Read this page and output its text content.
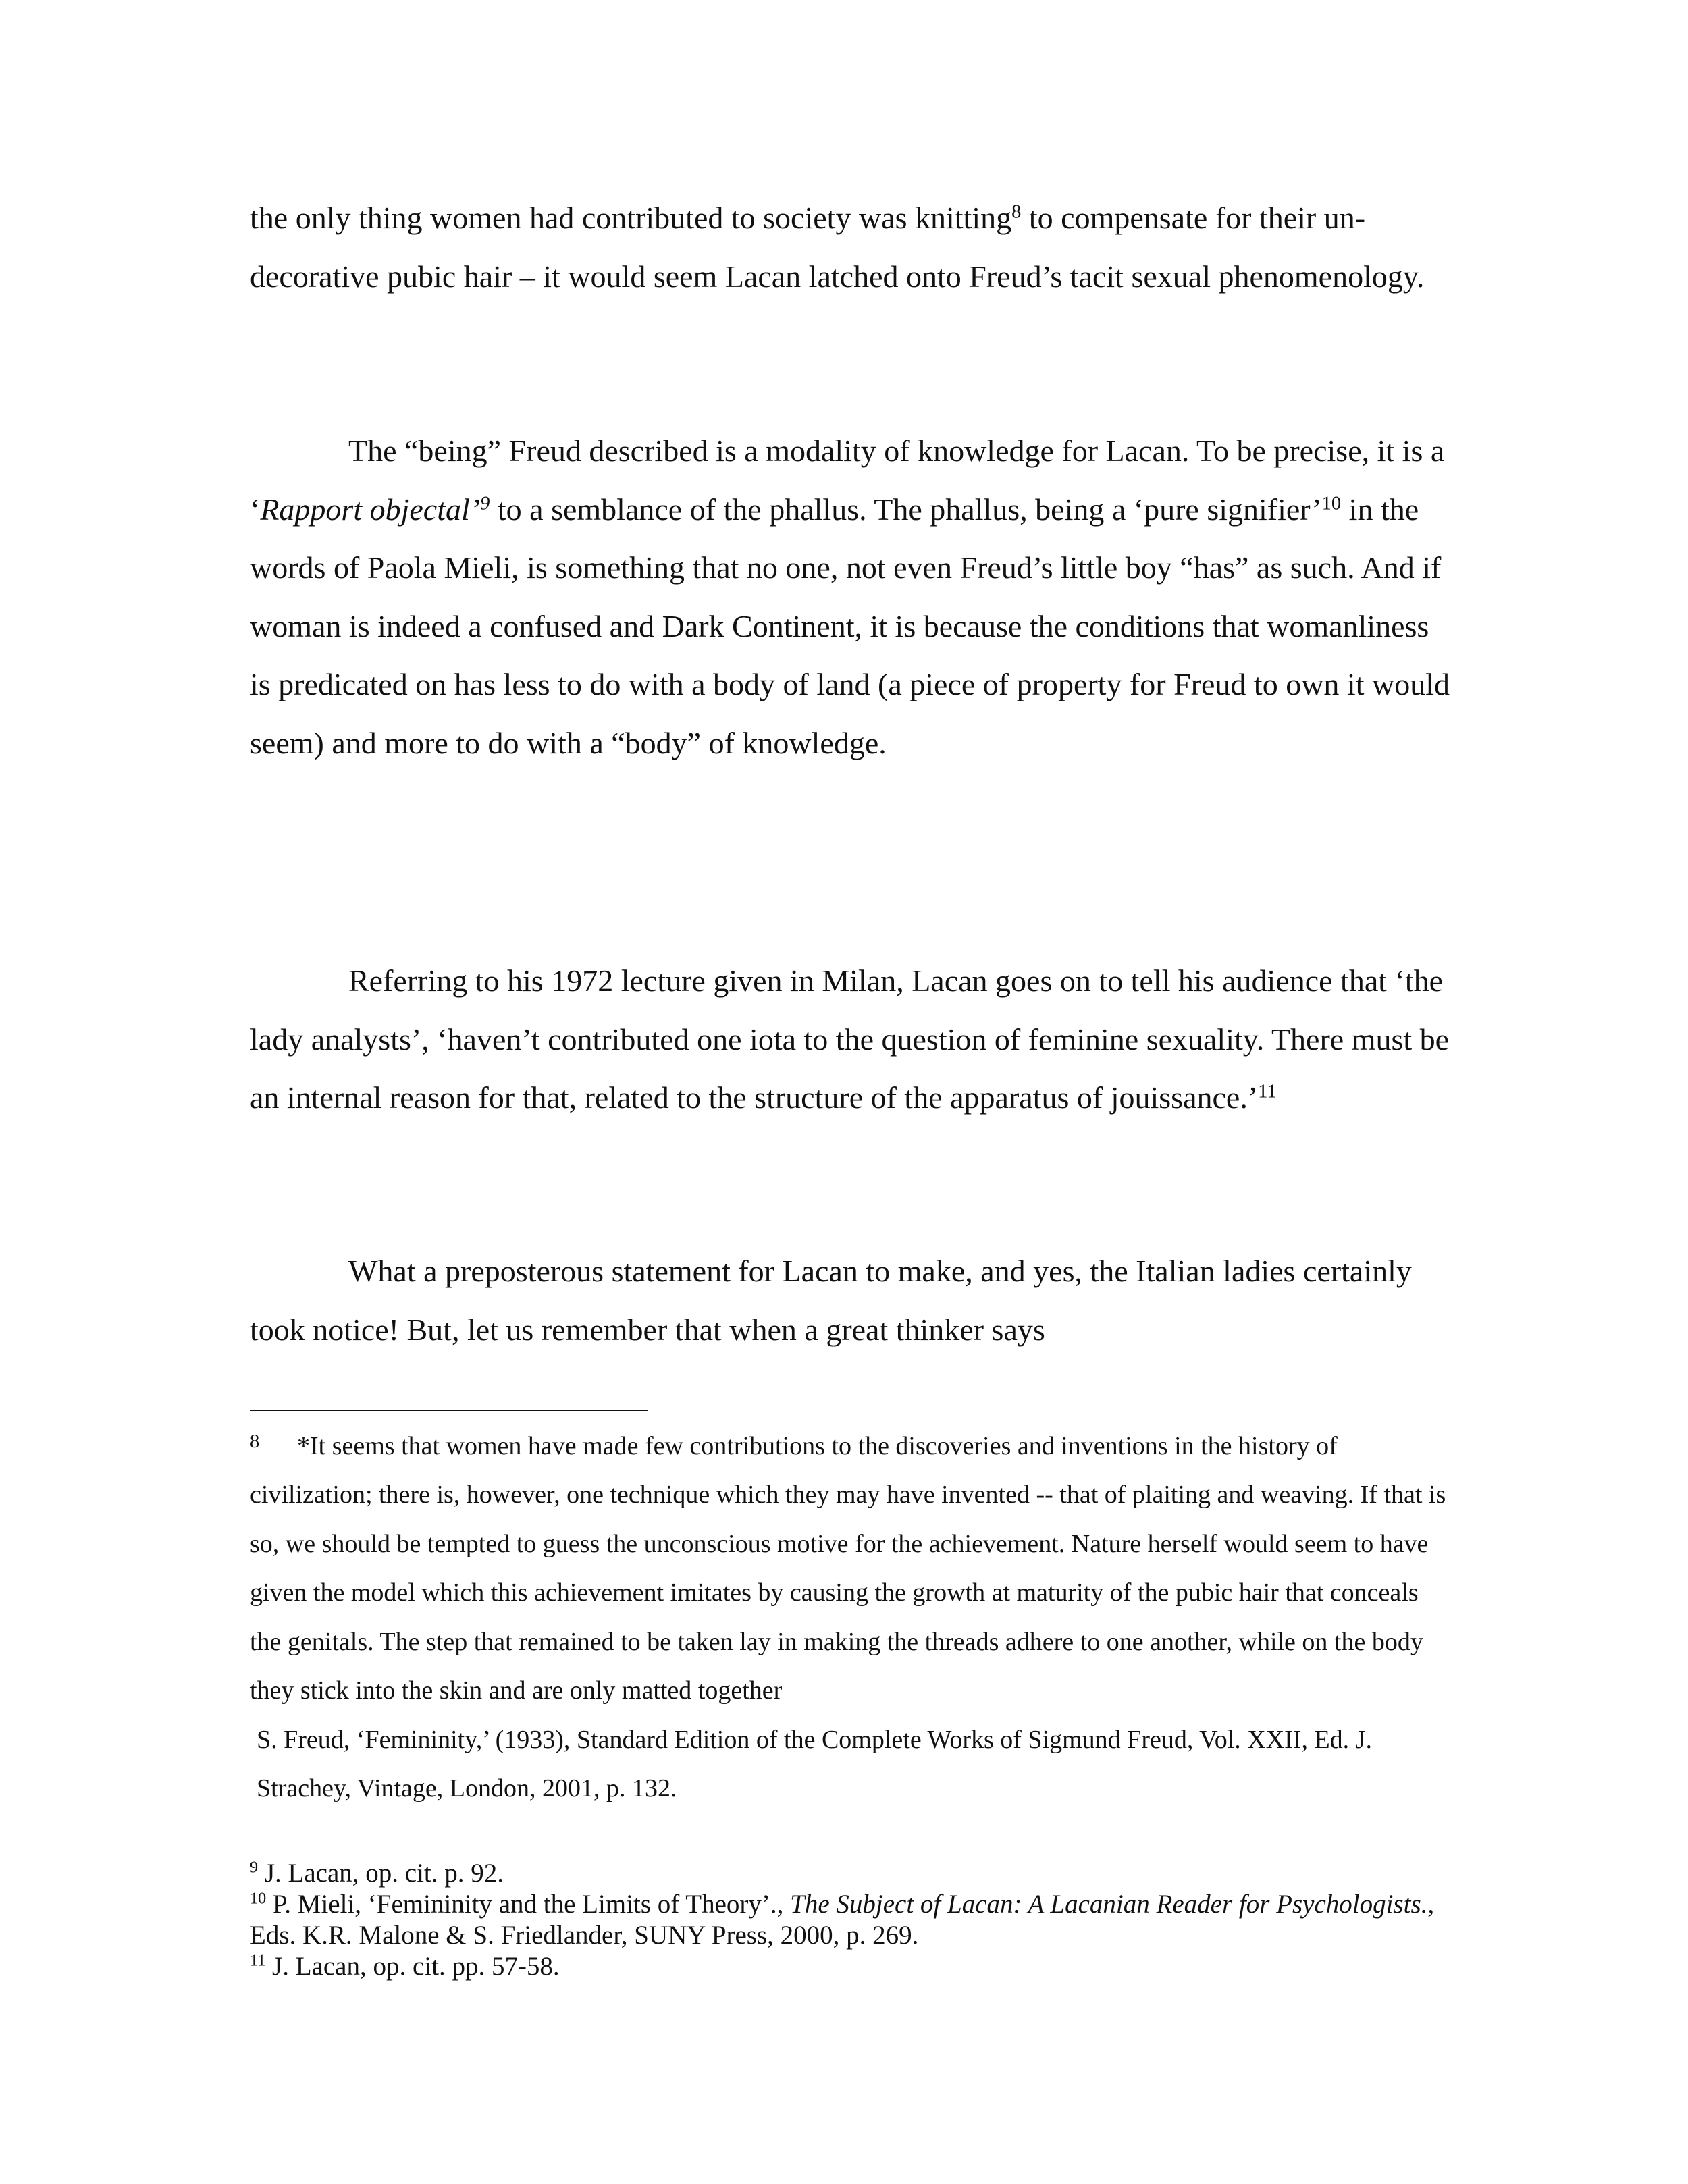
the only thing women had contributed to society was knitting$^8$ to compensate for their un-decorative pubic hair – it would seem Lacan latched onto Freud’s tacit sexual phenomenology.

The “being” Freud described is a modality of knowledge for Lacan. To be precise, it is a ‘Rapport objectal’$^9$ to a semblance of the phallus. The phallus, being a ‘pure signifier’$^{10}$ in the words of Paola Mieli, is something that no one, not even Freud’s little boy “has” as such. And if woman is indeed a confused and Dark Continent, it is because the conditions that womanliness is predicated on has less to do with a body of land (a piece of property for Freud to own it would seem) and more to do with a “body” of knowledge.

Referring to his 1972 lecture given in Milan, Lacan goes on to tell his audience that ‘the lady analysts’, ‘haven’t contributed one iota to the question of feminine sexuality. There must be an internal reason for that, related to the structure of the apparatus of jouissance.’$^{11}$

What a preposterous statement for Lacan to make, and yes, the Italian ladies certainly took notice! But, let us remember that when a great thinker says

8 *It seems that women have made few contributions to the discoveries and inventions in the history of civilization; there is, however, one technique which they may have invented -- that of plaiting and weaving. If that is so, we should be tempted to guess the unconscious motive for the achievement. Nature herself would seem to have given the model which this achievement imitates by causing the growth at maturity of the pubic hair that conceals the genitals. The step that remained to be taken lay in making the threads adhere to one another, while on the body they stick into the skin and are only matted together

S. Freud, ‘Femininity,’ (1933), Standard Edition of the Complete Works of Sigmund Freud, Vol. XXII, Ed. J. Strachey, Vintage, London, 2001, p. 132.

$^9$ J. Lacan, op. cit. p. 92.

$^{10}$ P. Mieli, ‘Femininity and the Limits of Theory’., The Subject of Lacan: A Lacanian Reader for Psychologists., Eds. K.R. Malone & S. Friedlander, SUNY Press, 2000, p. 269.

$^{11}$ J. Lacan, op. cit. pp. 57-58.
